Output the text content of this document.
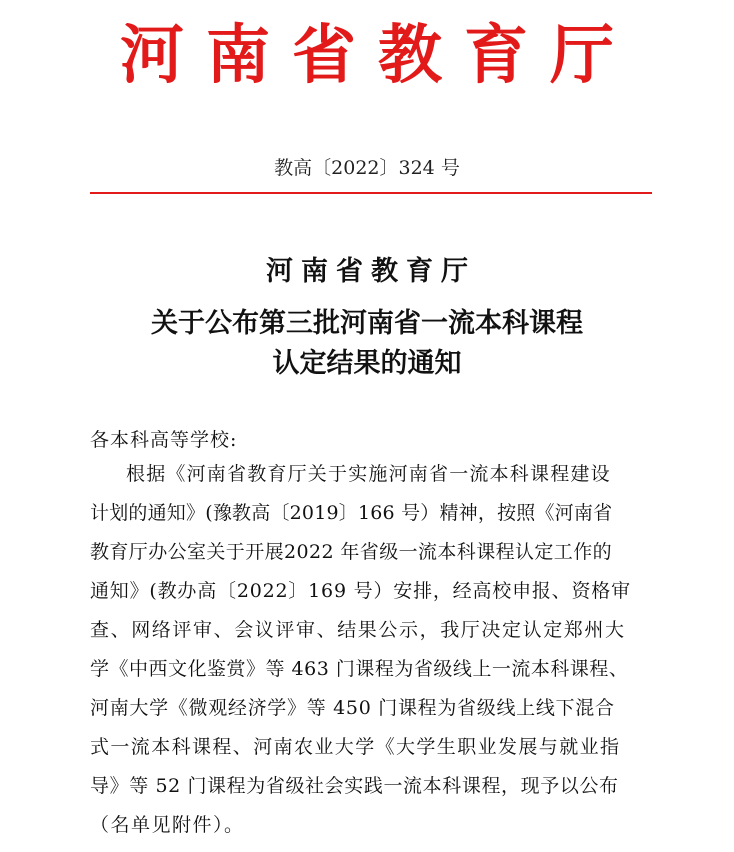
河南省教育厅
教高〔2022〕324 号
河南省教育厅
关于公布第三批河南省一流本科课程
认定结果的通知
各本科高等学校:
根据《河南省教育厅关于实施河南省一流本科课程建设
计划的通知》(豫教高〔2019〕166 号）精神，按照《河南省
教育厅办公室关于开展2022 年省级一流本科课程认定工作的
通知》(教办高〔2022〕169 号）安排，经高校申报、资格审
查、网络评审、会议评审、结果公示，我厅决定认定郑州大
学《中西文化鉴赏》等 463 门课程为省级线上一流本科课程、
河南大学《微观经济学》等 450 门课程为省级线上线下混合
式一流本科课程、河南农业大学《大学生职业发展与就业指
导》等 52 门课程为省级社会实践一流本科课程，现予以公布
（名单见附件）。
